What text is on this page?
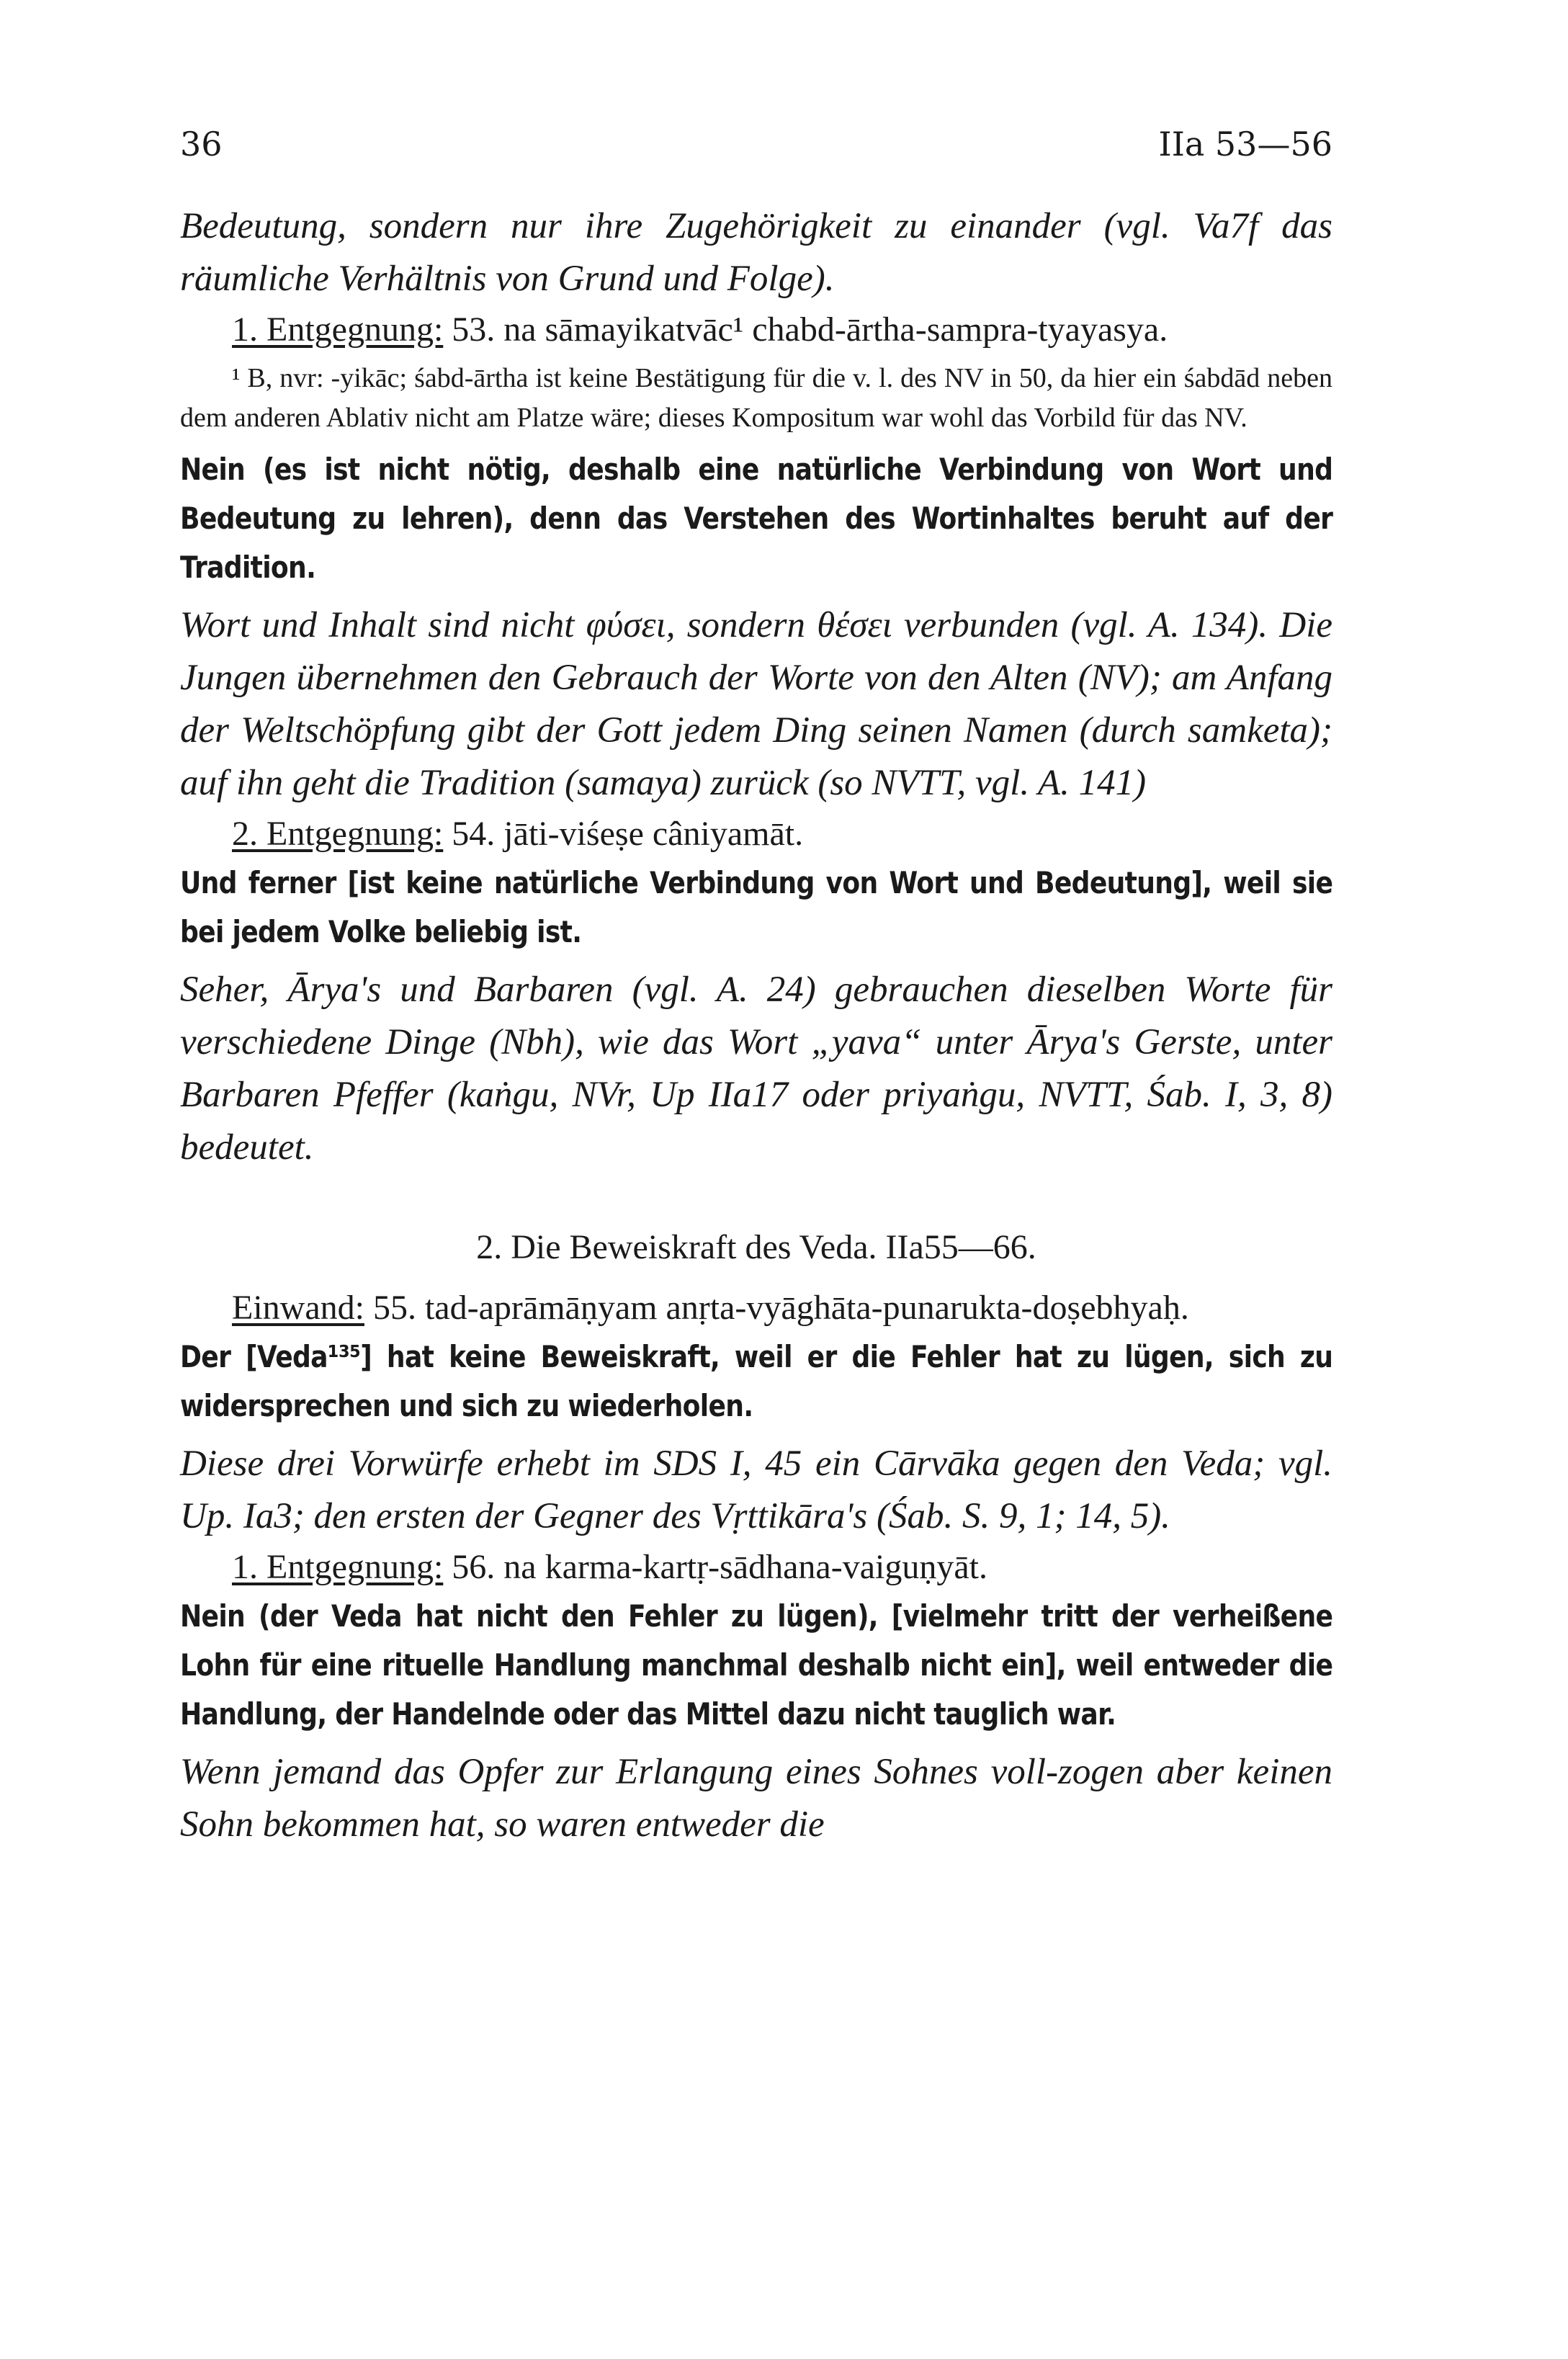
36	IIa 53—56

Bedeutung, sondern nur ihre Zugehörigkeit zu einander (vgl. Va7f das räumliche Verhältnis von Grund und Folge).

1. Entgegnung: 53. na sāmayikatvāc¹ chabd-ārtha-sampra-tyayasya.

¹ B, nvr: -yikāc; śabd-ārtha ist keine Bestätigung für die v. l. des NV in 50, da hier ein śabdād neben dem anderen Ablativ nicht am Platze wäre; dieses Kompositum war wohl das Vorbild für das NV.

Nein (es ist nicht nötig, deshalb eine natürliche Verbindung von Wort und Bedeutung zu lehren), denn das Verstehen des Wortinhaltes beruht auf der Tradition.

Wort und Inhalt sind nicht φύσει, sondern θέσει verbunden (vgl. A. 134). Die Jungen übernehmen den Gebrauch der Worte von den Alten (NV); am Anfang der Weltschöpfung gibt der Gott jedem Ding seinen Namen (durch samketa); auf ihn geht die Tradition (samaya) zurück (so NVTT, vgl. A. 141)

2. Entgegnung: 54. jāti-viśeṣe câniyamāt.

Und ferner [ist keine natürliche Verbindung von Wort und Bedeutung], weil sie bei jedem Volke beliebig ist.

Seher, Ārya's und Barbaren (vgl. A. 24) gebrauchen dieselben Worte für verschiedene Dinge (Nbh), wie das Wort „yava“ unter Ārya's Gerste, unter Barbaren Pfeffer (kaṅgu, NVr, Up IIa17 oder priyaṅgu, NVTT, Śab. I, 3, 8) bedeutet.

2. Die Beweiskraft des Veda. IIa55—66.

Einwand: 55. tad-aprāmāṇyam anṛta-vyāghāta-punarukta-doṣebhyaḥ.

Der [Veda¹³⁵] hat keine Beweiskraft, weil er die Fehler hat zu lügen, sich zu widersprechen und sich zu wiederholen.

Diese drei Vorwürfe erhebt im SDS I, 45 ein Cārvāka gegen den Veda; vgl. Up. Ia3; den ersten der Gegner des Vṛttikāra's (Śab. S. 9, 1; 14, 5).

1. Entgegnung: 56. na karma-kartṛ-sādhana-vaiguṇyāt.

Nein (der Veda hat nicht den Fehler zu lügen), [vielmehr tritt der verheißene Lohn für eine rituelle Handlung manchmal deshalb nicht ein], weil entweder die Handlung, der Handelnde oder das Mittel dazu nicht tauglich war.

Wenn jemand das Opfer zur Erlangung eines Sohnes voll-zogen aber keinen Sohn bekommen hat, so waren entweder die
